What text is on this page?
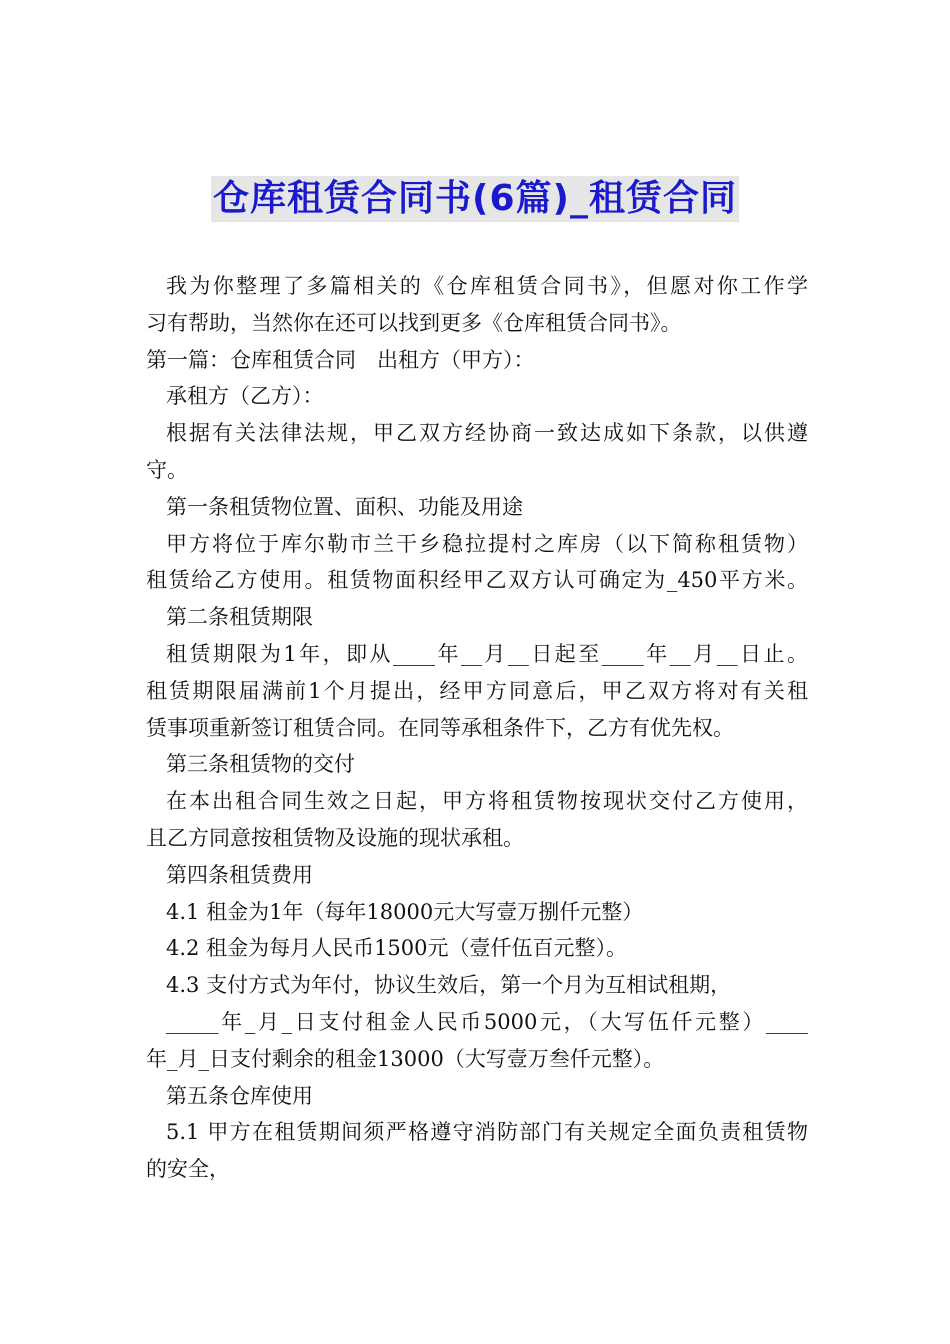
仓库租赁合同书(6篇)_租赁合同
我为你整理了多篇相关的《仓库租赁合同书》，但愿对你工作学
习有帮助，当然你在还可以找到更多《仓库租赁合同书》。
第一篇：仓库租赁合同　出租方（甲方）：
承租方（乙方）：
根据有关法律法规，甲乙双方经协商一致达成如下条款，以供遵
守。
第一条租赁物位置、面积、功能及用途
甲方将位于库尔勒市兰干乡稳拉提村之库房（以下简称租赁物）
租赁给乙方使用。租赁物面积经甲乙双方认可确定为_450平方米。
第二条租赁期限
租赁期限为1年，即从____年__月__日起至____年__月__日止。
租赁期限届满前1个月提出，经甲方同意后，甲乙双方将对有关租
赁事项重新签订租赁合同。在同等承租条件下，乙方有优先权。
第三条租赁物的交付
在本出租合同生效之日起，甲方将租赁物按现状交付乙方使用，
且乙方同意按租赁物及设施的现状承租。
第四条租赁费用
4.1 租金为1年（每年18000元大写壹万捌仟元整）
4.2 租金为每月人民币1500元（壹仟伍百元整）。
4.3 支付方式为年付，协议生效后，第一个月为互相试租期，
_____年_月_日支付租金人民币5000元，（大写伍仟元整）____
年_月_日支付剩余的租金13000（大写壹万叁仟元整）。
第五条仓库使用
5.1 甲方在租赁期间须严格遵守消防部门有关规定全面负责租赁物
的安全，
